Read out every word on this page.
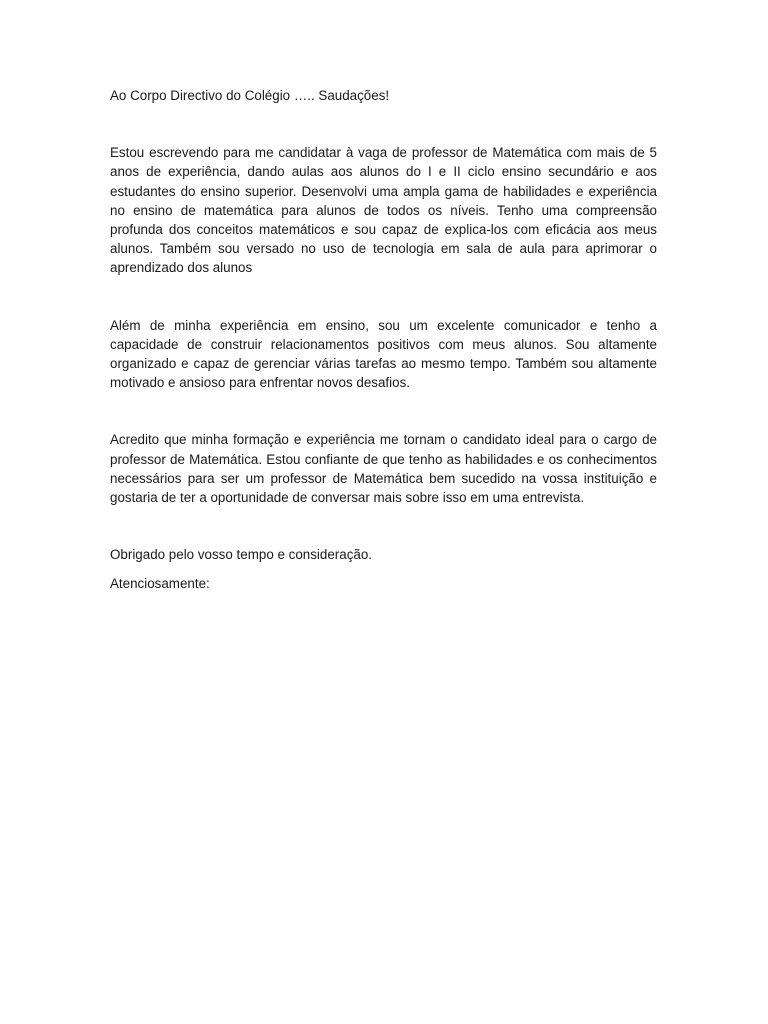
Ao Corpo Directivo do Colégio ….. Saudações!

Estou escrevendo para me candidatar à vaga de professor de Matemática com mais de 5 anos de experiência, dando aulas aos alunos do I e II ciclo ensino secundário e aos estudantes do ensino superior. Desenvolvi uma ampla gama de habilidades e experiência no ensino de matemática para alunos de todos os níveis. Tenho uma compreensão profunda dos conceitos matemáticos e sou capaz de explica-los com eficácia aos meus alunos. Também sou versado no uso de tecnologia em sala de aula para aprimorar o aprendizado dos alunos

Além de minha experiência em ensino, sou um excelente comunicador e tenho a capacidade de construir relacionamentos positivos com meus alunos. Sou altamente organizado e capaz de gerenciar várias tarefas ao mesmo tempo. Também sou altamente motivado e ansioso para enfrentar novos desafios.

Acredito que minha formação e experiência me tornam o candidato ideal para o cargo de professor de Matemática. Estou confiante de que tenho as habilidades e os conhecimentos necessários para ser um professor de Matemática bem sucedido na vossa instituição e gostaria de ter a oportunidade de conversar mais sobre isso em uma entrevista.

Obrigado pelo vosso tempo e consideração.

Atenciosamente:
